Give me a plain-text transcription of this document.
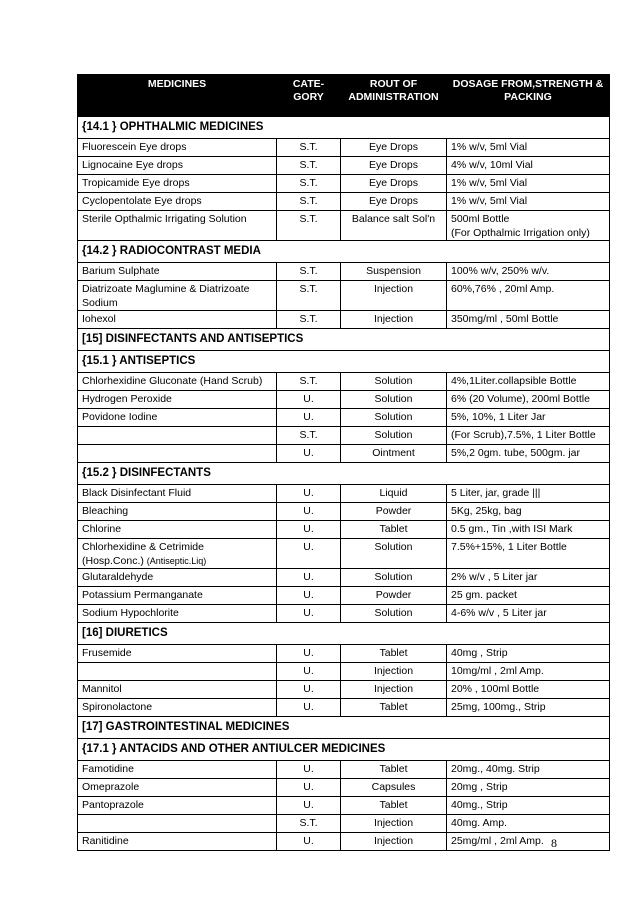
MEDICINES	CATE- GORY	ROUT OF ADMINISTRATION	DOSAGE FROM,STRENGTH & PACKING
{14.1 } OPHTHALMIC MEDICINES			
Fluorescein Eye drops	S.T.	Eye Drops	1% w/v, 5ml Vial
Lignocaine Eye drops	S.T.	Eye Drops	4% w/v, 10ml Vial
Tropicamide Eye drops	S.T.	Eye Drops	1% w/v, 5ml Vial
Cyclopentolate Eye drops	S.T.	Eye Drops	1% w/v, 5ml Vial
Sterile Opthalmic Irrigating Solution	S.T.	Balance salt Sol'n	500ml Bottle
(For Opthalmic Irrigation only)
{14.2 } RADIOCONTRAST MEDIA			
Barium Sulphate	S.T.	Suspension	100% w/v, 250% w/v.
Diatrizoate Maglumine & Diatrizoate
Sodium	S.T.	Injection	60%,76% , 20ml Amp.
Iohexol	S.T.	Injection	350mg/ml , 50ml Bottle
[15] DISINFECTANTS AND ANTISEPTICS			
{15.1 } ANTISEPTICS			
Chlorhexidine Gluconate (Hand Scrub)	S.T.	Solution	4%,1Liter.collapsible Bottle
Hydrogen Peroxide	U.	Solution	6% (20 Volume), 200ml Bottle
Povidone Iodine	U.	Solution	5%, 10%, 1 Liter Jar
	S.T.	Solution	(For Scrub),7.5%, 1 Liter Bottle
	U.	Ointment	5%,2 0gm. tube, 500gm. jar
{15.2 } DISINFECTANTS			
Black Disinfectant Fluid	U.	Liquid	5 Liter, jar, grade |||
Bleaching	U.	Powder	5Kg, 25kg, bag
Chlorine	U.	Tablet	0.5 gm., Tin ,with ISI Mark
Chlorhexidine & Cetrimide
(Hosp.Conc.) (Antiseptic.Liq)	U.	Solution	7.5%+15%, 1 Liter Bottle
Glutaraldehyde	U.	Solution	2% w/v , 5 Liter jar
Potassium Permanganate	U.	Powder	25 gm. packet
Sodium Hypochlorite	U.	Solution	4-6% w/v , 5 Liter jar
[16] DIURETICS			
Frusemide	U.	Tablet	40mg , Strip
	U.	Injection	10mg/ml , 2ml Amp.
Mannitol	U.	Injection	20% , 100ml Bottle
Spironolactone	U.	Tablet	25mg, 100mg., Strip
[17] GASTROINTESTINAL MEDICINES			
{17.1 } ANTACIDS AND OTHER ANTIULCER MEDICINES			
Famotidine	U.	Tablet	20mg., 40mg. Strip
Omeprazole	U.	Capsules	20mg , Strip
Pantoprazole	U.	Tablet	40mg., Strip
	S.T.	Injection	40mg. Amp.
Ranitidine	U.	Injection	25mg/ml , 2ml Amp. 8
